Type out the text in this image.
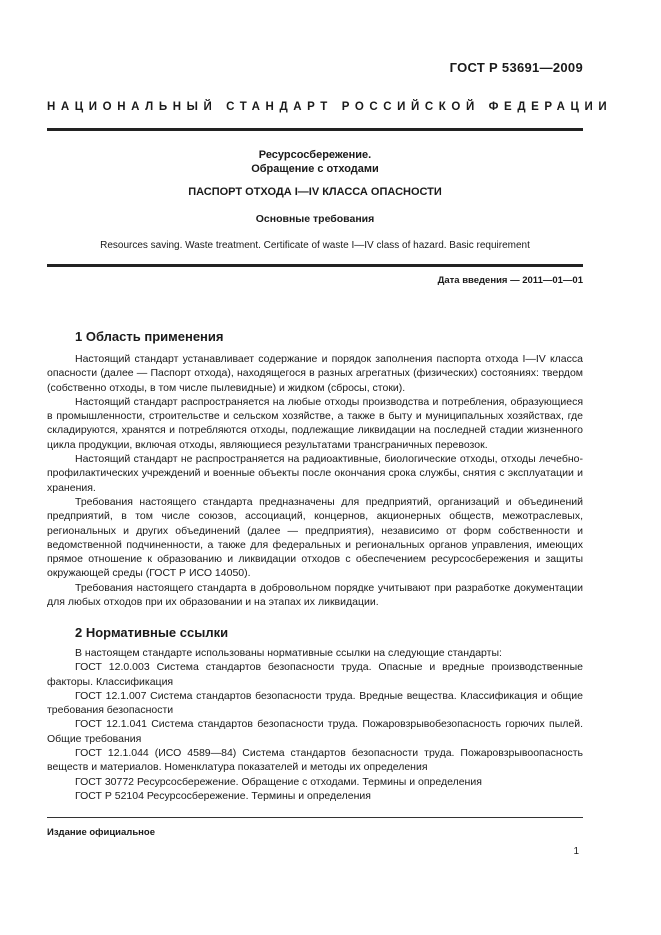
ГОСТ Р 53691—2009
НАЦИОНАЛЬНЫЙ СТАНДАРТ РОССИЙСКОЙ ФЕДЕРАЦИИ
Ресурсосбережение.
Обращение с отходами
ПАСПОРТ ОТХОДА I—IV КЛАССА ОПАСНОСТИ
Основные требования
Resources saving. Waste treatment. Certificate of waste I—IV class of hazard. Basic requirement
Дата введения — 2011—01—01
1 Область применения

Настоящий стандарт устанавливает содержание и порядок заполнения паспорта отхода I—IV класса опасности (далее — Паспорт отхода), находящегося в разных агрегатных (физических) состояниях: твердом (собственно отходы, в том числе пылевидные) и жидком (сбросы, стоки).

Настоящий стандарт распространяется на любые отходы производства и потребления, образующиеся в промышленности, строительстве и сельском хозяйстве, а также в быту и муниципальных хозяйствах, где складируются, хранятся и потребляются отходы, подлежащие ликвидации на последней стадии жизненного цикла продукции, включая отходы, являющиеся результатами трансграничных перевозок.

Настоящий стандарт не распространяется на радиоактивные, биологические отходы, отходы лечебно-профилактических учреждений и военные объекты после окончания срока службы, снятия с эксплуатации и хранения.

Требования настоящего стандарта предназначены для предприятий, организаций и объединений предприятий, в том числе союзов, ассоциаций, концернов, акционерных обществ, межотраслевых, региональных и других объединений (далее — предприятия), независимо от форм собственности и ведомственной подчиненности, а также для федеральных и региональных органов управления, имеющих прямое отношение к образованию и ликвидации отходов с обеспечением ресурсосбережения и защиты окружающей среды (ГОСТ Р ИСО 14050).

Требования настоящего стандарта в добровольном порядке учитывают при разработке документации для любых отходов при их образовании и на этапах их ликвидации.

2 Нормативные ссылки

В настоящем стандарте использованы нормативные ссылки на следующие стандарты:

ГОСТ 12.0.003 Система стандартов безопасности труда. Опасные и вредные производственные факторы. Классификация

ГОСТ 12.1.007 Система стандартов безопасности труда. Вредные вещества. Классификация и общие требования безопасности

ГОСТ 12.1.041 Система стандартов безопасности труда. Пожаровзрывобезопасность горючих пылей. Общие требования

ГОСТ 12.1.044 (ИСО 4589—84) Система стандартов безопасности труда. Пожаровзрывоопасность веществ и материалов. Номенклатура показателей и методы их определения

ГОСТ 30772 Ресурсосбережение. Обращение с отходами. Термины и определения

ГОСТ Р 52104 Ресурсосбережение. Термины и определения

Издание официальное
1
